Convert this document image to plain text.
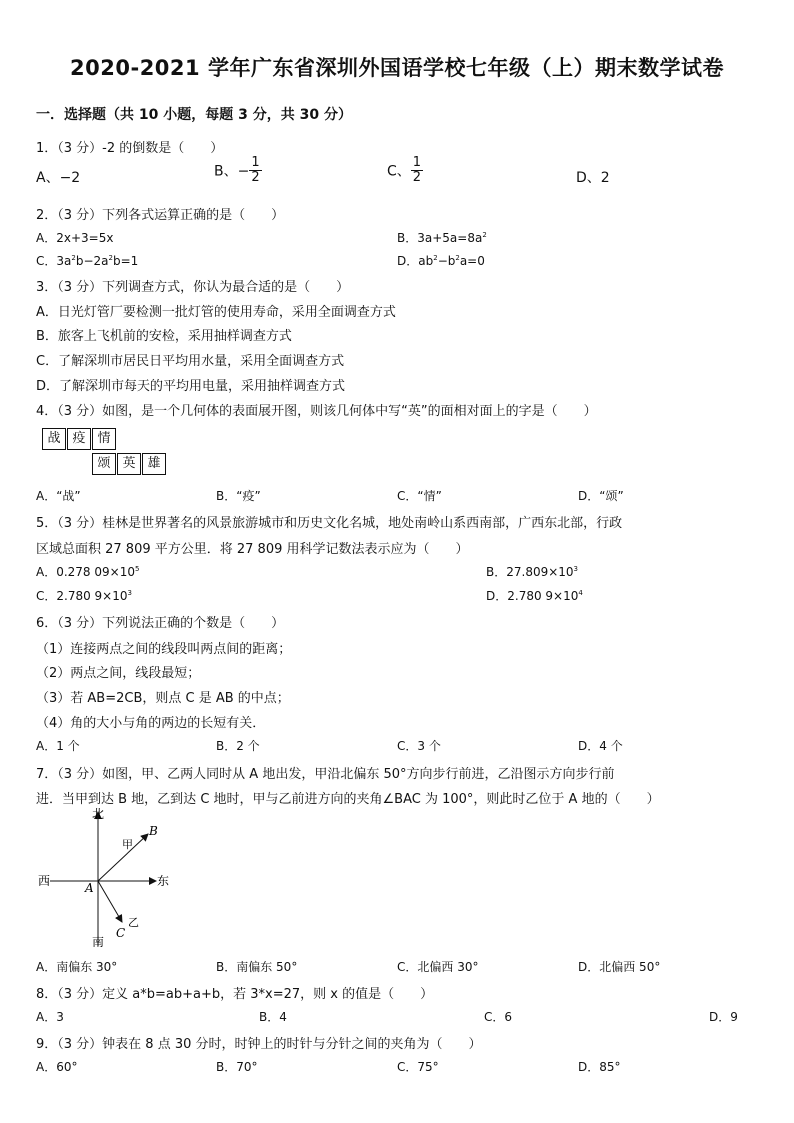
2020-2021 学年广东省深圳外国语学校七年级（上）期末数学试卷
一．选择题（共 10 小题，每题 3 分，共 30 分）
1．（3 分）-2 的倒数是（　　）
A、−2	B、− $\frac{1}{2}$	C、 $\frac{1}{2}$	D、2
2．（3 分）下列各式运算正确的是（　　）
A．2x+3=5x	B．$3a+5a=8a^2$
C．$3a^2b-2a^2b=1$	D．$ab^2-b^2a=0$
3．（3 分）下列调查方式，你认为最合适的是（　　）
A．日光灯管厂要检测一批灯管的使用寿命，采用全面调查方式
B．旅客上飞机前的安检，采用抽样调查方式
C．了解深圳市居民日平均用水量，采用全面调查方式
D．了解深圳市每天的平均用电量，采用抽样调查方式
4．（3 分）如图，是一个几何体的表面展开图，则该几何体中写“英”的面相对面上的字是（　　）
战 疫 情
颂 英 雄
A．“战”	B．“疫”	C．“情”	D．“颂”
5．（3 分）桂林是世界著名的风景旅游城市和历史文化名城，地处南岭山系西南部，广西东北部，行政
区域总面积 27 809 平方公里．将 27 809 用科学记数法表示应为（　　）
A．0.278 $09\times 10^5$	B．$27.809\times 10^3$
C．2.780 $9\times 10^3$	D．2.780 $9\times 10^4$
6．（3 分）下列说法正确的个数是（　　）
（1）连接两点之间的线段叫两点间的距离；
（2）两点之间，线段最短；
（3）若 AB=2CB，则点 C 是 AB 的中点；
（4）角的大小与角的两边的长短有关．
A．1 个	B．2 个	C．3 个	D．4 个
7．（3 分）如图，甲、乙两人同时从 A 地出发，甲沿北偏东 50°方向步行前进，乙沿图示方向步行前
进．当甲到达 B 地，乙到达 C 地时，甲与乙前进方向的夹角∠BAC 为 100°，则此时乙位于 A 地的（　　）
北
南
东
西	A
B
C
甲
乙
A．南偏东 30°	B．南偏东 50°	C．北偏西 30°	D．北偏西 50°
8．（3 分）定义 a*b=ab+a+b，若 3*x=27，则 x 的值是（　　）
A．3	B．4	C．6	D．9
9．（3 分）钟表在 8 点 30 分时，时钟上的时针与分针之间的夹角为（　　）
A．60°	B．70°	C．75°	D．85°
